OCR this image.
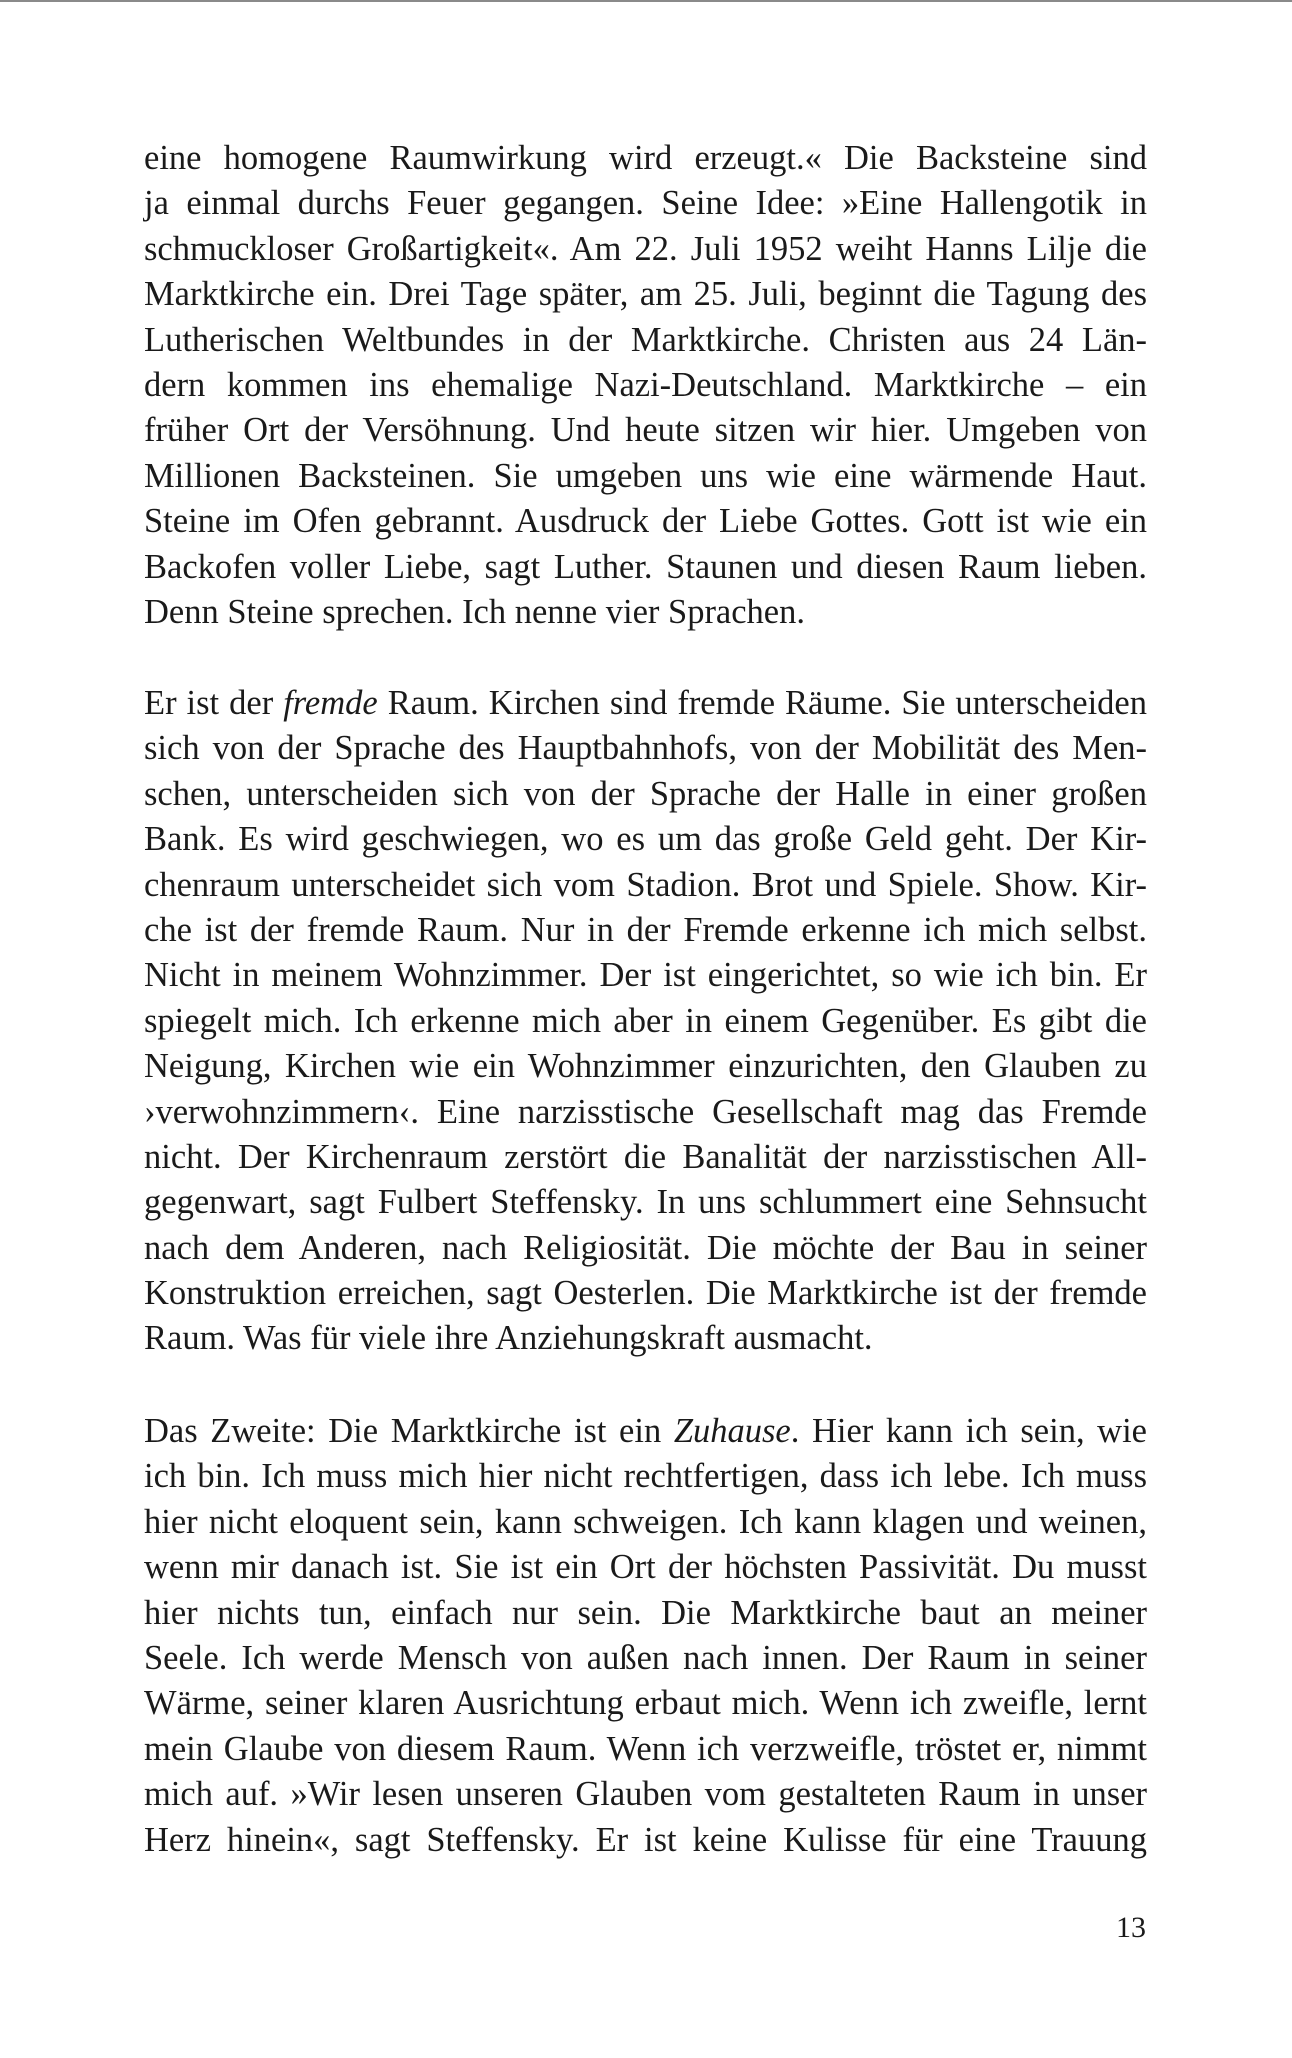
eine homogene Raumwirkung wird erzeugt.« Die Backsteine sind
ja einmal durchs Feuer gegangen. Seine Idee: »Eine Hallengotik in
schmuckloser Großartigkeit«. Am 22. Juli 1952 weiht Hanns Lilje die
Marktkirche ein. Drei Tage später, am 25. Juli, beginnt die Tagung des
Lutherischen Weltbundes in der Marktkirche. Christen aus 24 Län-
dern kommen ins ehemalige Nazi-Deutschland. Marktkirche – ein
früher Ort der Versöhnung. Und heute sitzen wir hier. Umgeben von
Millionen Backsteinen. Sie umgeben uns wie eine wärmende Haut.
Steine im Ofen gebrannt. Ausdruck der Liebe Gottes. Gott ist wie ein
Backofen voller Liebe, sagt Luther. Staunen und diesen Raum lieben.
Denn Steine sprechen. Ich nenne vier Sprachen.
Er ist der fremde Raum. Kirchen sind fremde Räume. Sie unterscheiden
sich von der Sprache des Hauptbahnhofs, von der Mobilität des Men-
schen, unterscheiden sich von der Sprache der Halle in einer großen
Bank. Es wird geschwiegen, wo es um das große Geld geht. Der Kir-
chenraum unterscheidet sich vom Stadion. Brot und Spiele. Show. Kir-
che ist der fremde Raum. Nur in der Fremde erkenne ich mich selbst.
Nicht in meinem Wohnzimmer. Der ist eingerichtet, so wie ich bin. Er
spiegelt mich. Ich erkenne mich aber in einem Gegenüber. Es gibt die
Neigung, Kirchen wie ein Wohnzimmer einzurichten, den Glauben zu
›verwohnzimmern‹. Eine narzisstische Gesellschaft mag das Fremde
nicht. Der Kirchenraum zerstört die Banalität der narzisstischen All-
gegenwart, sagt Fulbert Steffensky. In uns schlummert eine Sehnsucht
nach dem Anderen, nach Religiosität. Die möchte der Bau in seiner
Konstruktion erreichen, sagt Oesterlen. Die Marktkirche ist der fremde
Raum. Was für viele ihre Anziehungskraft ausmacht.
Das Zweite: Die Marktkirche ist ein Zuhause. Hier kann ich sein, wie
ich bin. Ich muss mich hier nicht rechtfertigen, dass ich lebe. Ich muss
hier nicht eloquent sein, kann schweigen. Ich kann klagen und weinen,
wenn mir danach ist. Sie ist ein Ort der höchsten Passivität. Du musst
hier nichts tun, einfach nur sein. Die Marktkirche baut an meiner
Seele. Ich werde Mensch von außen nach innen. Der Raum in seiner
Wärme, seiner klaren Ausrichtung erbaut mich. Wenn ich zweifle, lernt
mein Glaube von diesem Raum. Wenn ich verzweifle, tröstet er, nimmt
mich auf. »Wir lesen unseren Glauben vom gestalteten Raum in unser
Herz hinein«, sagt Steffensky. Er ist keine Kulisse für eine Trauung
13
